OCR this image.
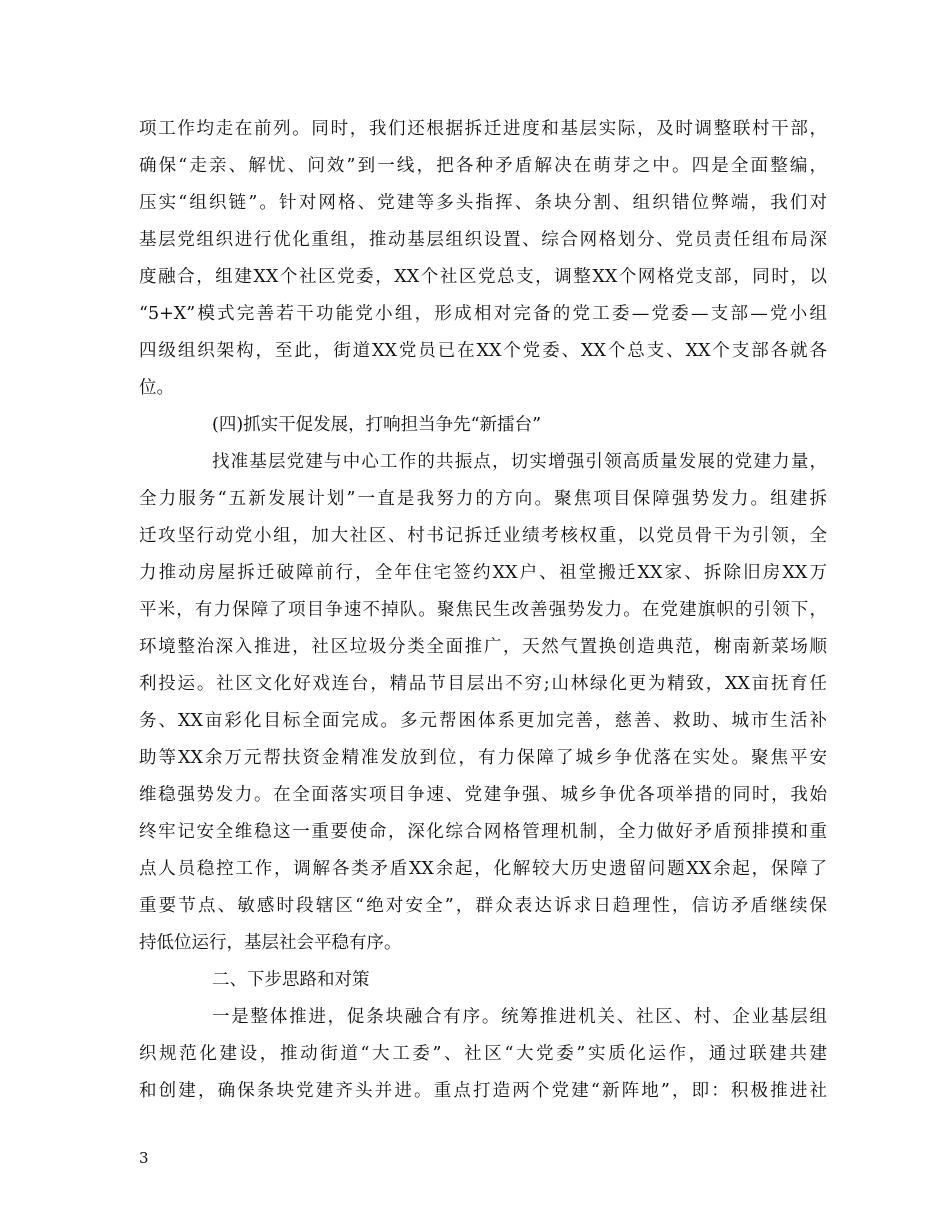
项工作均走在前列。同时，我们还根据拆迁进度和基层实际，及时调整联村干部，
确保“走亲、解忧、问效”到一线，把各种矛盾解决在萌芽之中。四是全面整编，
压实“组织链”。针对网格、党建等多头指挥、条块分割、组织错位弊端，我们对
基层党组织进行优化重组，推动基层组织设置、综合网格划分、党员责任组布局深
度融合，组建XX个社区党委，XX个社区党总支，调整XX个网格党支部，同时，以
“5+X”模式完善若干功能党小组，形成相对完备的党工委—党委—支部—党小组
四级组织架构，至此，街道XX党员已在XX个党委、XX个总支、XX个支部各就各
位。
(四)抓实干促发展，打响担当争先“新擂台”
找准基层党建与中心工作的共振点，切实增强引领高质量发展的党建力量，
全力服务“五新发展计划”一直是我努力的方向。聚焦项目保障强势发力。组建拆
迁攻坚行动党小组，加大社区、村书记拆迁业绩考核权重，以党员骨干为引领，全
力推动房屋拆迁破障前行，全年住宅签约XX户、祖堂搬迁XX家、拆除旧房XX万
平米，有力保障了项目争速不掉队。聚焦民生改善强势发力。在党建旗帜的引领下，
环境整治深入推进，社区垃圾分类全面推广，天然气置换创造典范，榭南新菜场顺
利投运。社区文化好戏连台，精品节目层出不穷;山林绿化更为精致，XX亩抚育任
务、XX亩彩化目标全面完成。多元帮困体系更加完善，慈善、救助、城市生活补
助等XX余万元帮扶资金精准发放到位，有力保障了城乡争优落在实处。聚焦平安
维稳强势发力。在全面落实项目争速、党建争强、城乡争优各项举措的同时，我始
终牢记安全维稳这一重要使命，深化综合网格管理机制，全力做好矛盾预排摸和重
点人员稳控工作，调解各类矛盾XX余起，化解较大历史遗留问题XX余起，保障了
重要节点、敏感时段辖区“绝对安全”，群众表达诉求日趋理性，信访矛盾继续保
持低位运行，基层社会平稳有序。
二、下步思路和对策
一是整体推进，促条块融合有序。统筹推进机关、社区、村、企业基层组
织规范化建设，推动街道“大工委”、社区“大党委”实质化运作，通过联建共建
和创建，确保条块党建齐头并进。重点打造两个党建“新阵地”，即：积极推进社
3
